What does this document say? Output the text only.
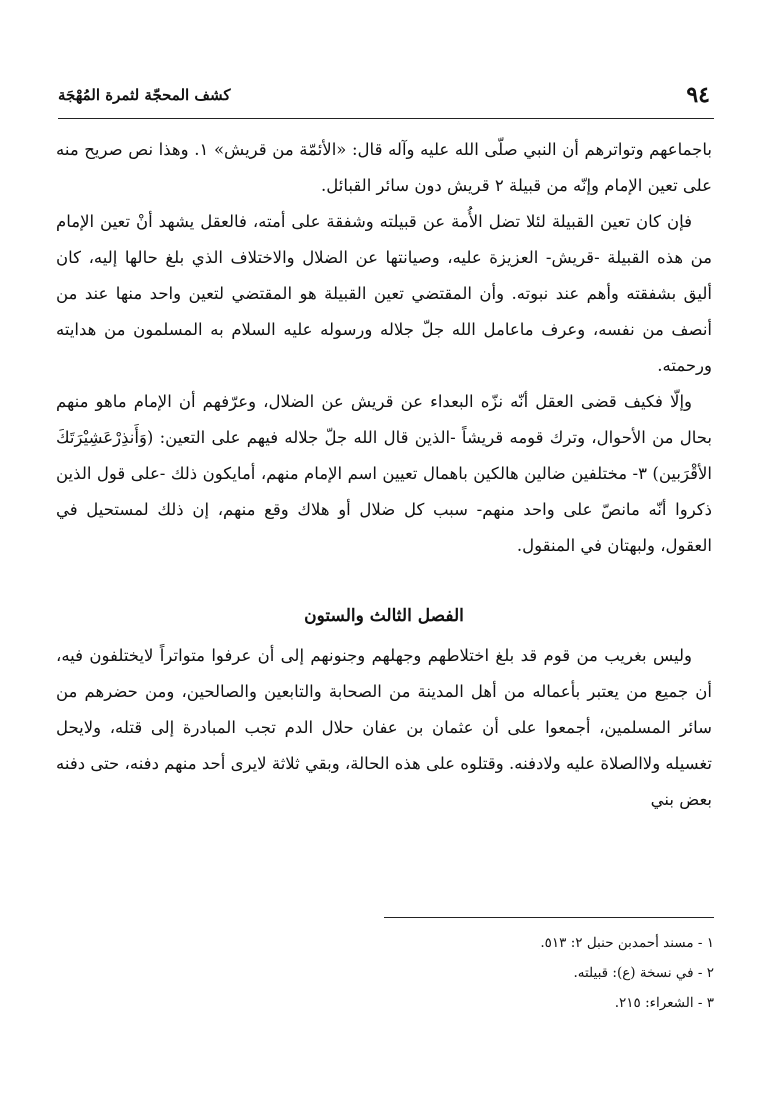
٩٤
كشف المحجّة لثمرة المُهْجَة

باجماعهم وتواترهم أن النبي صلّى الله عليه وآله قال: «الأئمّة من قريش» ١. وهذا نص صريح منه على تعين الإمام وإنّه من قبيلة ٢ قريش دون سائر القبائل.

فإن كان تعين القبيلة لئلا تضل الأُمة عن قبيلته وشفقة على أمته، فالعقل يشهد أنْ تعين الإمام من هذه القبيلة -قريش- العزيزة عليه، وصيانتها عن الضلال والاختلاف الذي بلغ حالها إليه، كان أليق بشفقته وأهم عند نبوته. وأن المقتضي تعين القبيلة هو المقتضي لتعين واحد منها عند من أنصف من نفسه، وعرف ماعامل الله جلّ جلاله ورسوله عليه السلام به المسلمون من هدايته ورحمته.

وإلّا فكيف قضى العقل أنّه نزّه البعداء عن قريش عن الضلال، وعرّفهم أن الإمام ماهو منهم بحال من الأحوال، وترك قومه قريشاً -الذين قال الله جلّ جلاله فيهم على التعين: (وَأَنذِرْعَشِيْرَتَكَ الأقْرَبين) ٣- مختلفين ضالين هالكين باهمال تعيين اسم الإمام منهم، أمايكون ذلك -على قول الذين ذكروا أنّه مانصّ على واحد منهم- سبب كل ضلال أو هلاك وقع منهم، إن ذلك لمستحيل في العقول، ولبهتان في المنقول.

الفصل الثالث والستون

وليس بغريب من قوم قد بلغ اختلاطهم وجهلهم وجنونهم إلى أن عرفوا متواتراً لايختلفون فيه، أن جميع من يعتبر بأعماله من أهل المدينة من الصحابة والتابعين والصالحين، ومن حضرهم من سائر المسلمين، أجمعوا على أن عثمان بن عفان حلال الدم تجب المبادرة إلى قتله، ولايحل تغسيله ولاالصلاة عليه ولادفنه. وقتلوه على هذه الحالة، وبقي ثلاثة لايرى أحد منهم دفنه، حتى دفنه بعض بني

١ - مسند أحمدبن حنبل ٢: ٥١٣.
٢ - في نسخة (ع): قبيلته.
٣ - الشعراء: ٢١٥.
